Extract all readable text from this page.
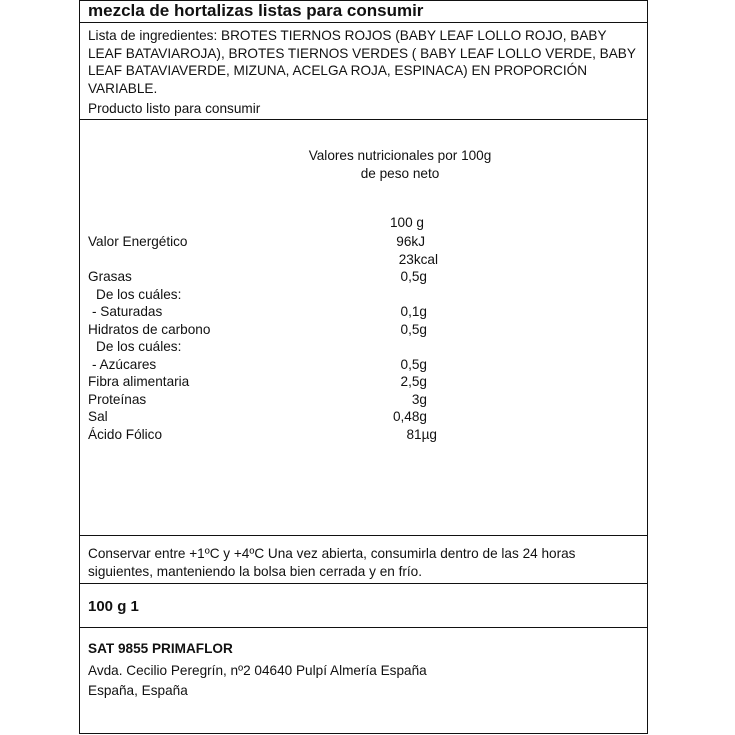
mezcla de hortalizas listas para consumir

Lista de ingredientes: BROTES TIERNOS ROJOS (BABY LEAF LOLLO ROJO, BABY LEAF BATAVIAROJA), BROTES TIERNOS VERDES ( BABY LEAF LOLLO VERDE, BABY LEAF BATAVIAVERDE, MIZUNA, ACELGA ROJA, ESPINACA) EN PROPORCIÓN VARIABLE.

Producto listo para consumir

Valores nutricionales por 100g de peso neto

100 g
Valor Energético	96kJ
23kcal
Grasas	0,5g
De los cuáles:
- Saturadas	0,1g
Hidratos de carbono	0,5g
De los cuáles:
- Azúcares	0,5g
Fibra alimentaria	2,5g
Proteínas	3g
Sal	0,48g
Ácido Fólico	81µg

Conservar entre +1ºC y +4ºC Una vez abierta, consumirla dentro de las 24 horas siguientes, manteniendo la bolsa bien cerrada y en frío.

100 g 1

SAT 9855 PRIMAFLOR

Avda. Cecilio Peregrín, nº2 04640 Pulpí Almería España

España, España
